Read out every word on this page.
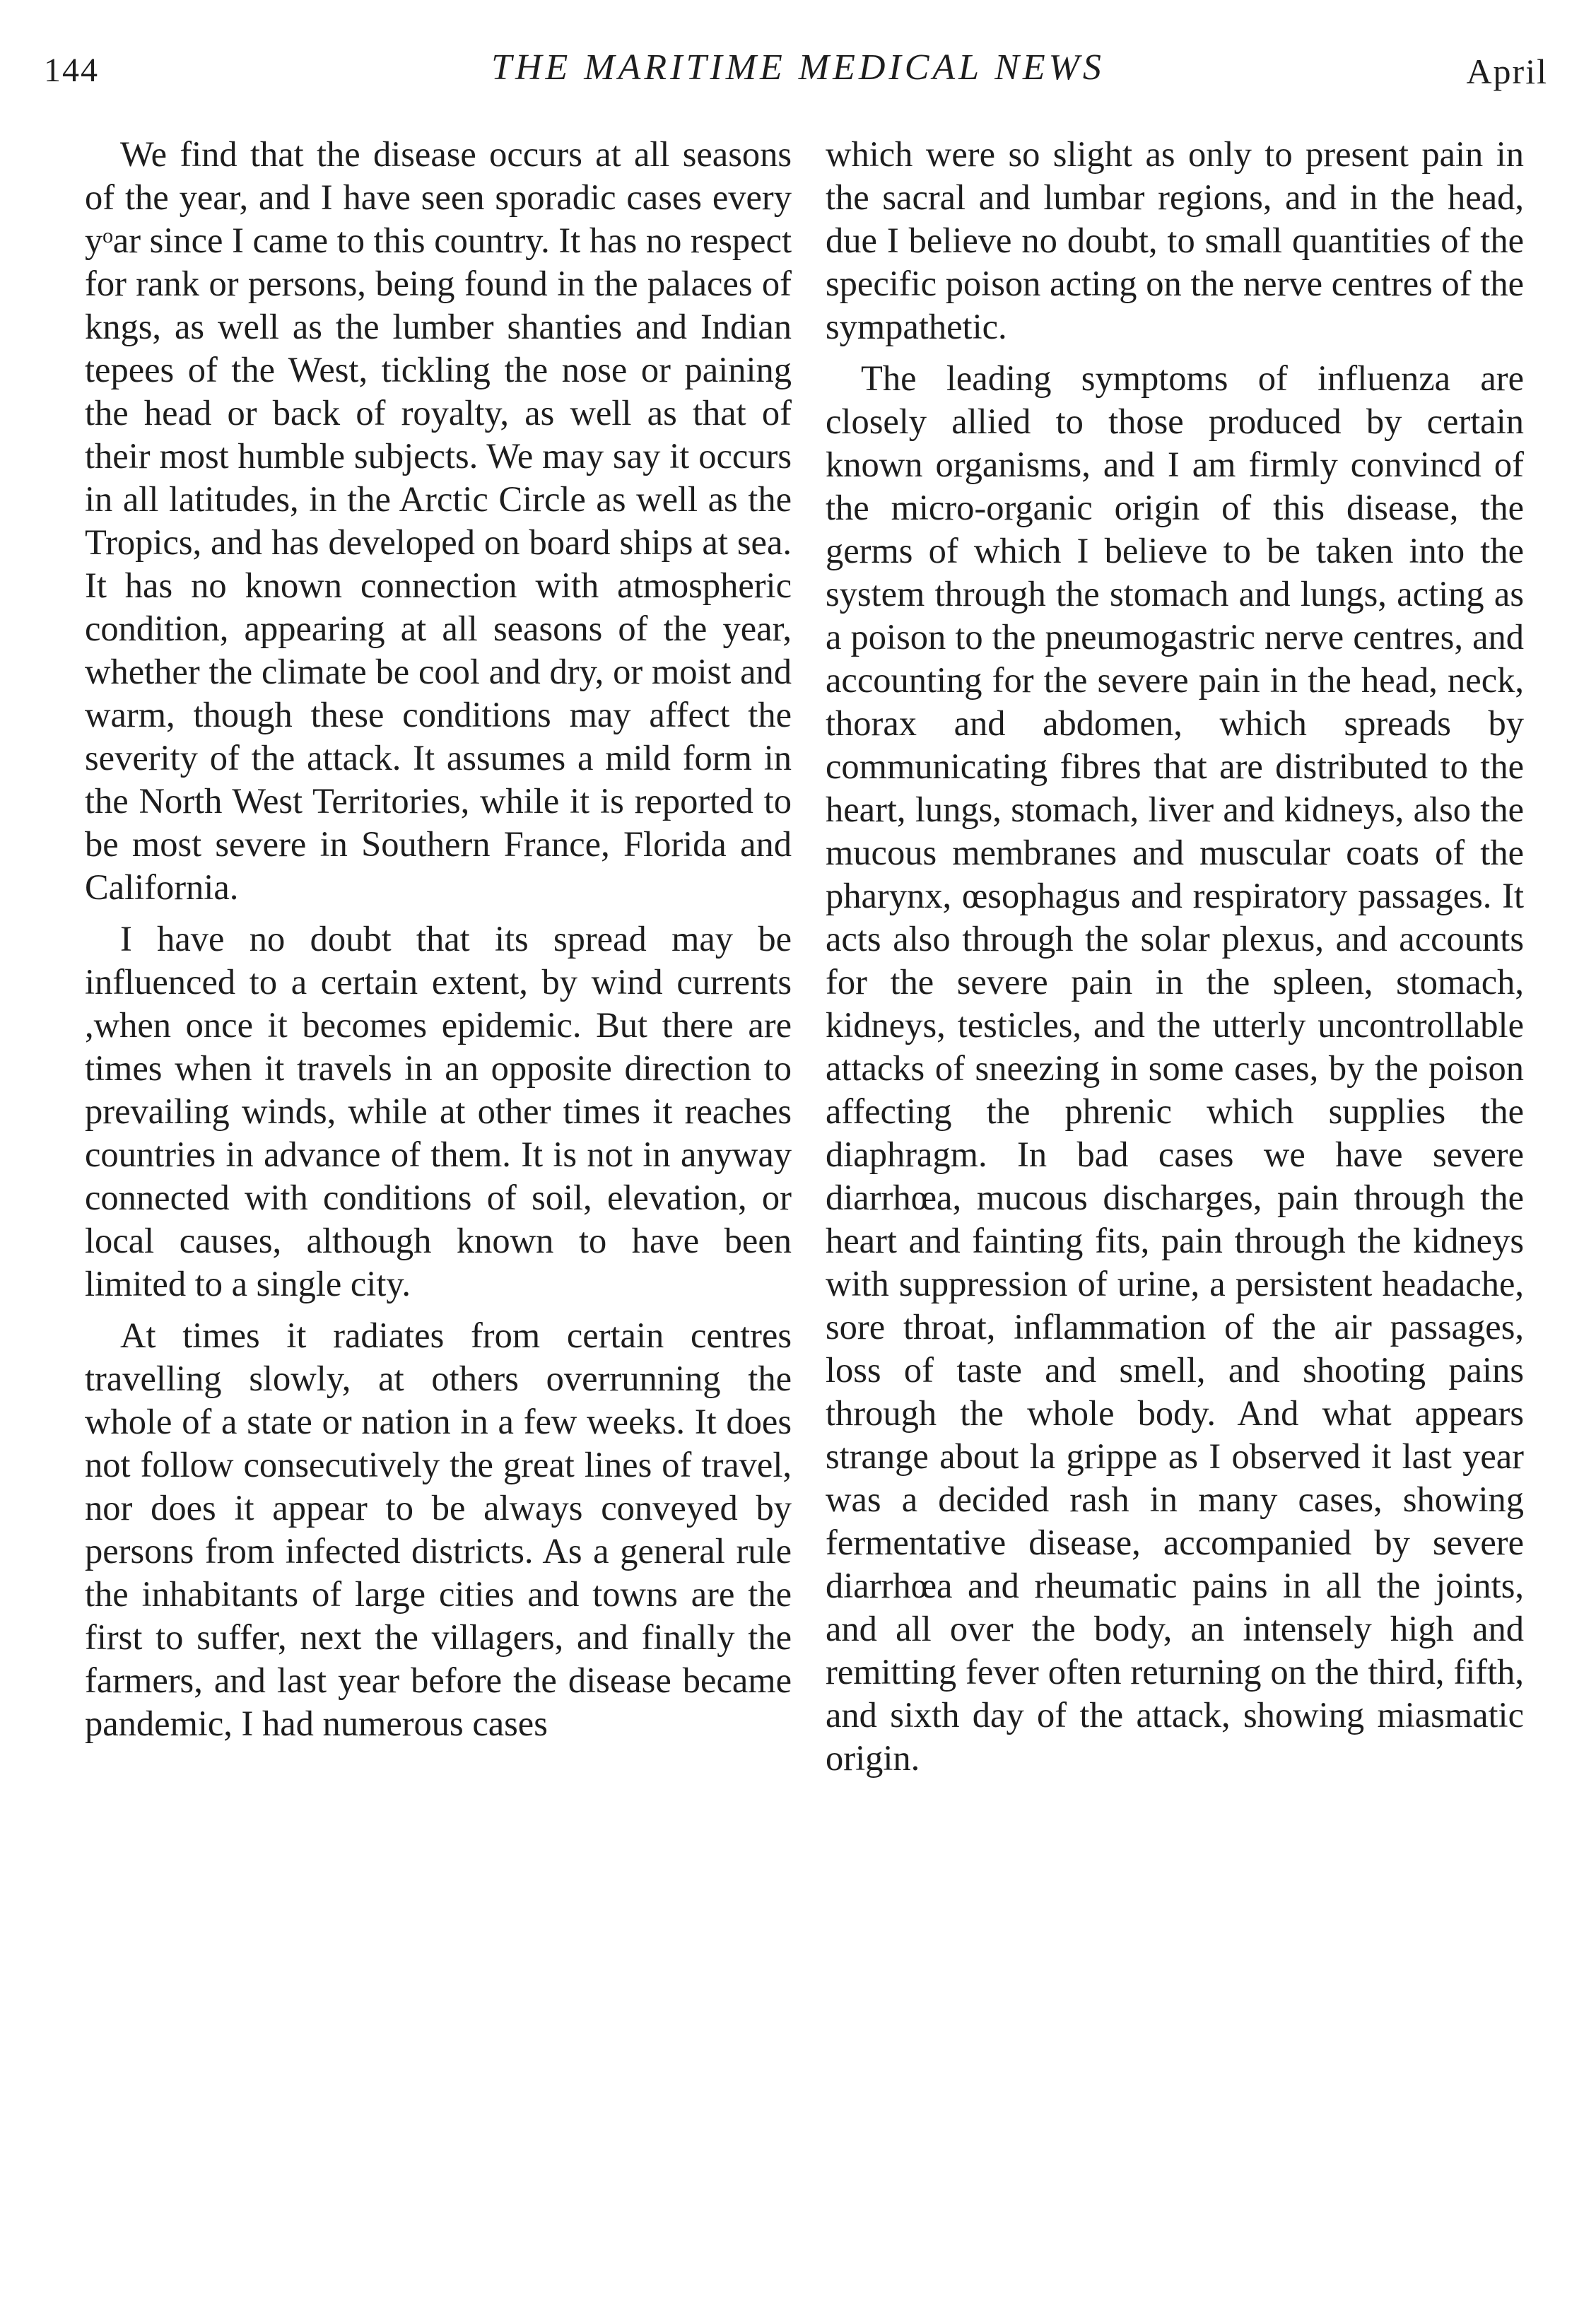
144	THE MARITIME MEDICAL NEWS	April

We find that the disease occurs at all seasons of the year, and I have seen sporadic cases every yᵒar since I came to this country. It has no respect for rank or persons, being found in the palaces of kngs, as well as the lumber shanties and Indian tepees of the West, tickling the nose or paining the head or back of royalty, as well as that of their most humble subjects. We may say it occurs in all latitudes, in the Arctic Circle as well as the Tropics, and has developed on board ships at sea. It has no known connection with atmospheric condition, appearing at all seasons of the year, whether the climate be cool and dry, or moist and warm, though these conditions may affect the severity of the attack. It assumes a mild form in the North West Territories, while it is reported to be most severe in Southern France, Florida and California.

I have no doubt that its spread may be influenced to a certain extent, by wind currents ,when once it becomes epidemic. But there are times when it travels in an opposite direction to prevailing winds, while at other times it reaches countries in advance of them. It is not in anyway connected with conditions of soil, elevation, or local causes, although known to have been limited to a single city.

At times it radiates from certain centres travelling slowly, at others overrunning the whole of a state or nation in a few weeks. It does not follow consecutively the great lines of travel, nor does it appear to be always conveyed by persons from infected districts. As a general rule the inhabitants of large cities and towns are the first to suffer, next the villagers, and finally the farmers, and last year before the disease became pandemic, I had numerous cases

which were so slight as only to present pain in the sacral and lumbar regions, and in the head, due I believe no doubt, to small quantities of the specific poison acting on the nerve centres of the sympathetic.

The leading symptoms of influenza are closely allied to those produced by certain known organisms, and I am firmly convincd of the micro-organic origin of this disease, the germs of which I believe to be taken into the system through the stomach and lungs, acting as a poison to the pneumogastric nerve centres, and accounting for the severe pain in the head, neck, thorax and abdomen, which spreads by communicating fibres that are distributed to the heart, lungs, stomach, liver and kidneys, also the mucous membranes and muscular coats of the pharynx, œsophagus and respiratory passages. It acts also through the solar plexus, and accounts for the severe pain in the spleen, stomach, kidneys, testicles, and the utterly uncontrollable attacks of sneezing in some cases, by the poison affecting the phrenic which supplies the diaphragm. In bad cases we have severe diarrhœa, mucous discharges, pain through the heart and fainting fits, pain through the kidneys with suppression of urine, a persistent headache, sore throat, inflammation of the air passages, loss of taste and smell, and shooting pains through the whole body. And what appears strange about la grippe as I observed it last year was a decided rash in many cases, showing fermentative disease, accompanied by severe diarrhœa and rheumatic pains in all the joints, and all over the body, an intensely high and remitting fever often returning on the third, fifth, and sixth day of the attack, showing miasmatic origin.
